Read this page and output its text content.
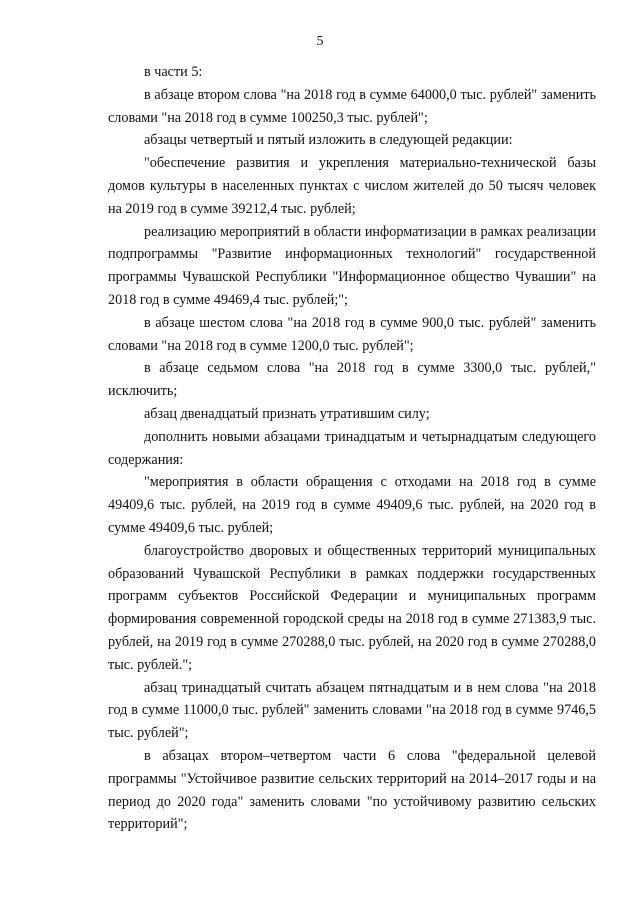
5

в части 5:

в абзаце втором слова "на 2018 год в сумме 64000,0 тыс. рублей" заменить словами "на 2018 год в сумме 100250,3 тыс. рублей";

абзацы четвертый и пятый изложить в следующей редакции:

"обеспечение развития и укрепления материально-технической базы домов культуры в населенных пунктах с числом жителей до 50 тысяч человек на 2019 год в сумме 39212,4 тыс. рублей;

реализацию мероприятий в области информатизации в рамках реализации подпрограммы "Развитие информационных технологий" государственной программы Чувашской Республики "Информационное общество Чувашии" на 2018 год в сумме 49469,4 тыс. рублей;";

в абзаце шестом слова "на 2018 год в сумме 900,0 тыс. рублей" заменить словами "на 2018 год в сумме 1200,0 тыс. рублей";

в абзаце седьмом слова "на 2018 год в сумме 3300,0 тыс. рублей," исключить;

абзац двенадцатый признать утратившим силу;

дополнить новыми абзацами тринадцатым и четырнадцатым следующего содержания:

"мероприятия в области обращения с отходами на 2018 год в сумме 49409,6 тыс. рублей, на 2019 год в сумме 49409,6 тыс. рублей, на 2020 год в сумме 49409,6 тыс. рублей;

благоустройство дворовых и общественных территорий муниципальных образований Чувашской Республики в рамках поддержки государственных программ субъектов Российской Федерации и муниципальных программ формирования современной городской среды на 2018 год в сумме 271383,9 тыс. рублей, на 2019 год в сумме 270288,0 тыс. рублей, на 2020 год в сумме 270288,0 тыс. рублей.";

абзац тринадцатый считать абзацем пятнадцатым и в нем слова "на 2018 год в сумме 11000,0 тыс. рублей" заменить словами "на 2018 год в сумме 9746,5 тыс. рублей";

в абзацах втором–четвертом части 6 слова "федеральной целевой программы "Устойчивое развитие сельских территорий на 2014–2017 годы и на период до 2020 года" заменить словами "по устойчивому развитию сельских территорий";
